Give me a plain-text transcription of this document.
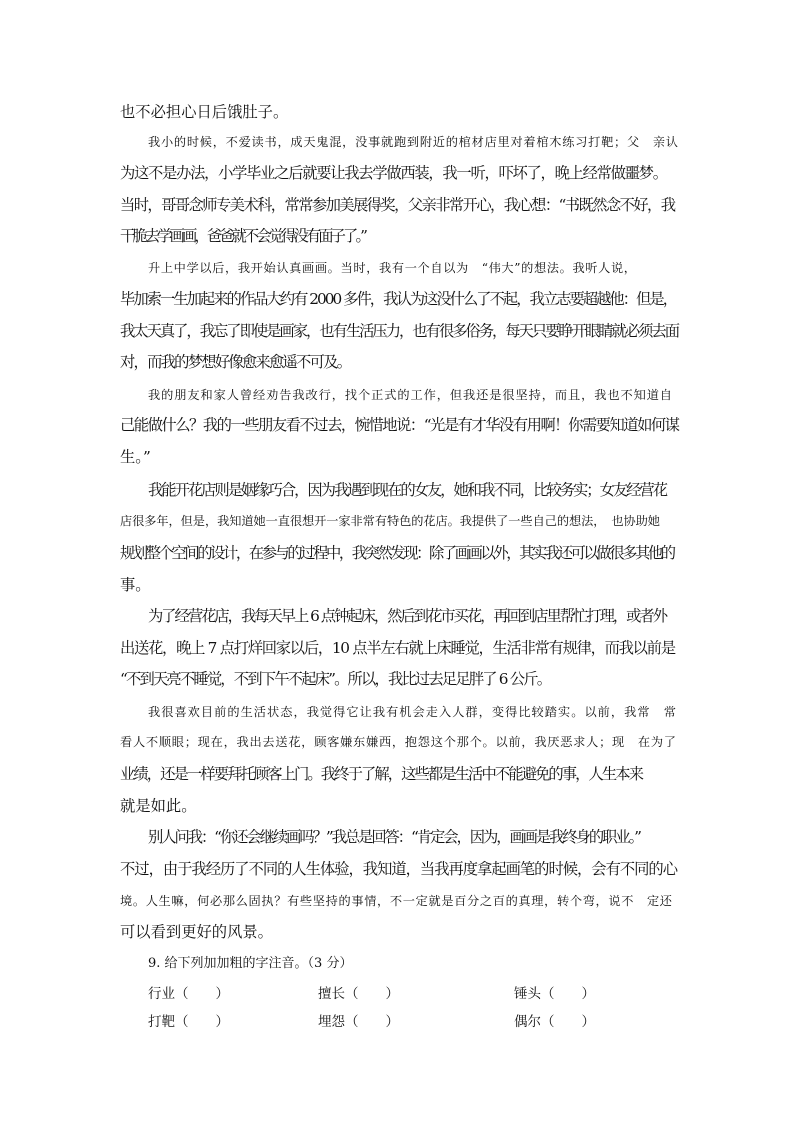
也不必担心日后饿肚子。
我小的时候，不爱读书，成天鬼混，没事就跑到附近的棺材店里对着棺木练习打靶；父　亲认
为这不是办法，小学毕业之后就要让我去学做西装，我一听，吓坏了，晚上经常做噩梦。
当时，哥哥念师专美术科，常常参加美展得奖，父亲非常开心，我心想：“书既然念不好，我
干脆去学画画，爸爸就不会觉得没有面子了。”
升上中学以后，我开始认真画画。当时，我有一个自以为　“伟大”的想法。我听人说，
毕加索一生加起来的作品大约有 2000 多件，我认为这没什么了不起，我立志要超越他：但是，
我太天真了，我忘了即使是画家，也有生活压力，也有很多俗务，每天只要睁开眼睛就必须去面
对，而我的梦想好像愈来愈遥不可及。
我的朋友和家人曾经劝告我改行，找个正式的工作，但我还是很坚持，而且，我也不知道自
己能做什么？我的一些朋友看不过去，惋惜地说：“光是有才华没有用啊！你需要知道如何谋
生。”
我能开花店则是姻缘巧合，因为我遇到现在的女友，她和我不同，比较务实；女友经营花
店很多年，但是，我知道她一直很想开一家非常有特色的花店。我提供了一些自己的想法，　也协助她
规划整个空间的设计，在参与的过程中，我突然发现：除了画画以外，其实我还可以做很多其他的
事。
为了经营花店，我每天早上 6 点钟起床，然后到花市买花，再回到店里帮忙打理，或者外
出送花，晚上 7 点打烊回家以后，10 点半左右就上床睡觉，生活非常有规律，而我以前是
“不到天亮不睡觉，不到下午不起床”。所以，我比过去足足胖了 6 公斤。
我很喜欢目前的生活状态，我觉得它让我有机会走入人群，变得比较踏实。以前，我常　常
看人不顺眼；现在，我出去送花，顾客嫌东嫌西，抱怨这个那个。以前，我厌恶求人；现　在为了
业绩，还是一样要拜托顾客上门。我终于了解，这些都是生活中不能避免的事，人生本来
就是如此。
别人问我：“你还会继续画吗？”我总是回答：“肯定会，因为，画画是我终身的职业。”
不过，由于我经历了不同的人生体验，我知道，当我再度拿起画笔的时候，会有不同的心
境。人生嘛，何必那么固执？有些坚持的事情，不一定就是百分之百的真理，转个弯，说不　定还
可以看到更好的风景。
9. 给下列加加粗的字注音。（3 分）
行业（　　）	擅长（　　）	锤头（　　）
打靶（　　）	埋怨（　　）	偶尔（　　）
